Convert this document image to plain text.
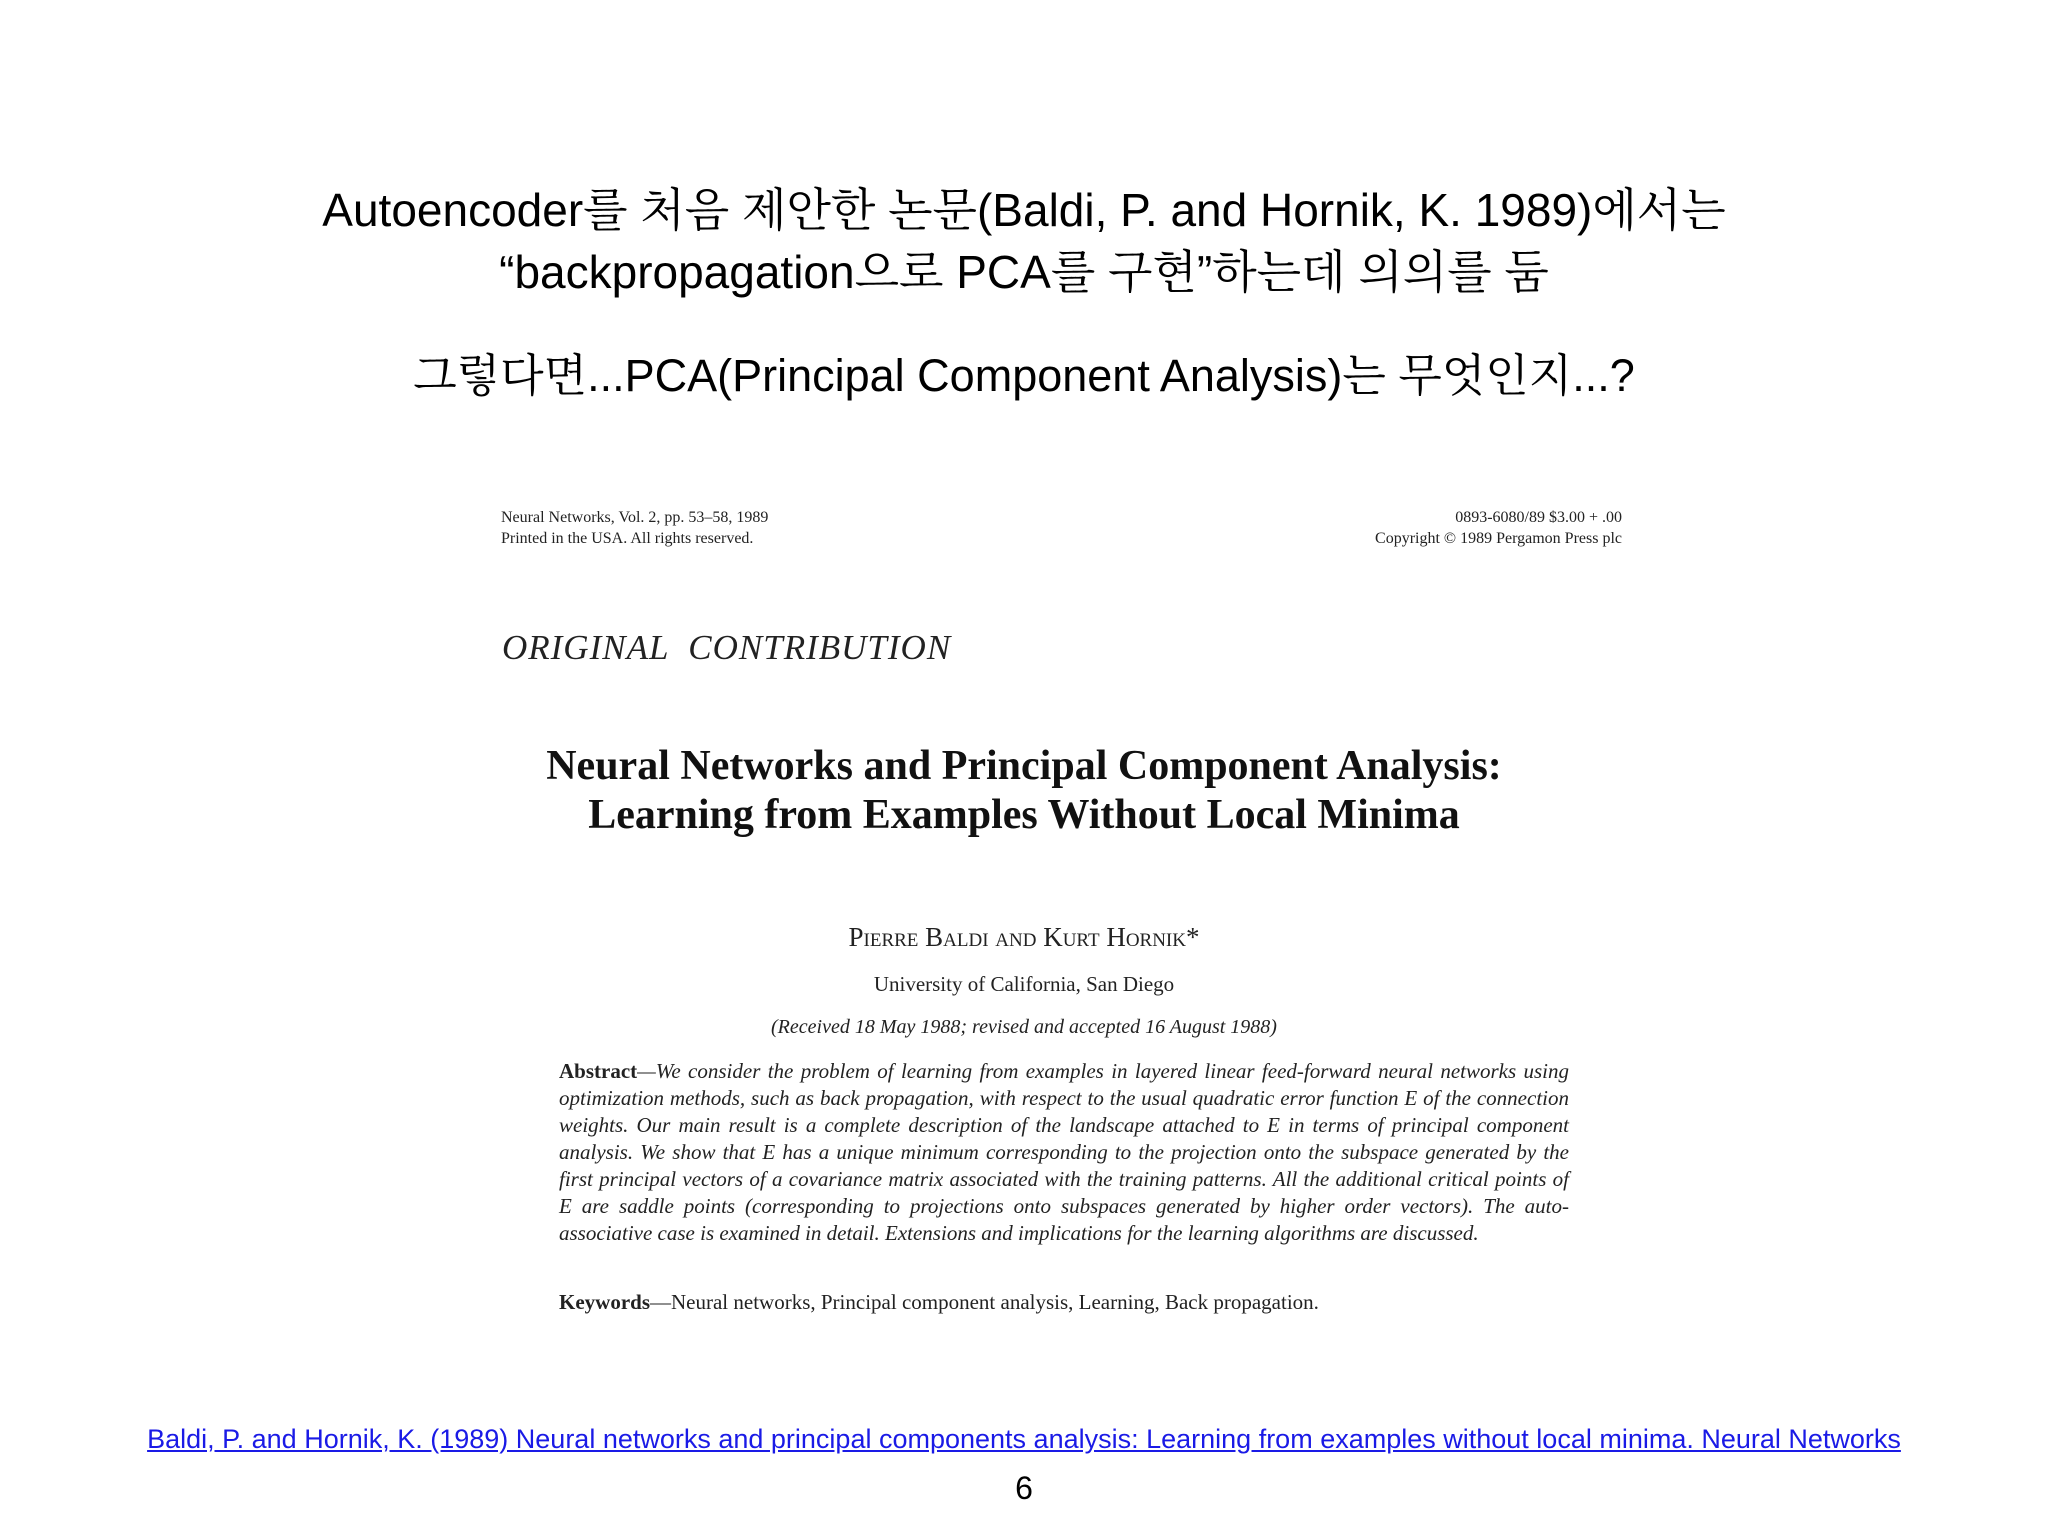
Autoencoder를 처음 제안한 논문(Baldi, P. and Hornik, K. 1989)에서는
“backpropagation으로 PCA를 구현”하는데 의의를 둠
그렇다면...PCA(Principal Component Analysis)는 무엇인지...?
Neural Networks, Vol. 2, pp. 53–58, 1989
Printed in the USA. All rights reserved.
0893-6080/89 $3.00 + .00
Copyright © 1989 Pergamon Press plc
ORIGINAL  CONTRIBUTION
Neural Networks and Principal Component Analysis:
Learning from Examples Without Local Minima
Pierre Baldi and Kurt Hornik*
University of California, San Diego
(Received 18 May 1988; revised and accepted 16 August 1988)
Abstract—We consider the problem of learning from examples in layered linear feed-forward neural networks using optimization methods, such as back propagation, with respect to the usual quadratic error function E of the connection weights. Our main result is a complete description of the landscape attached to E in terms of principal component analysis. We show that E has a unique minimum corresponding to the projection onto the subspace generated by the first principal vectors of a covariance matrix associated with the training patterns. All the additional critical points of E are saddle points (corresponding to projections onto subspaces generated by higher order vectors). The auto-associative case is examined in detail. Extensions and implications for the learning algorithms are discussed.
Keywords—Neural networks, Principal component analysis, Learning, Back propagation.
Baldi, P. and Hornik, K. (1989) Neural networks and principal components analysis: Learning from examples without local minima. Neural Networks
6
